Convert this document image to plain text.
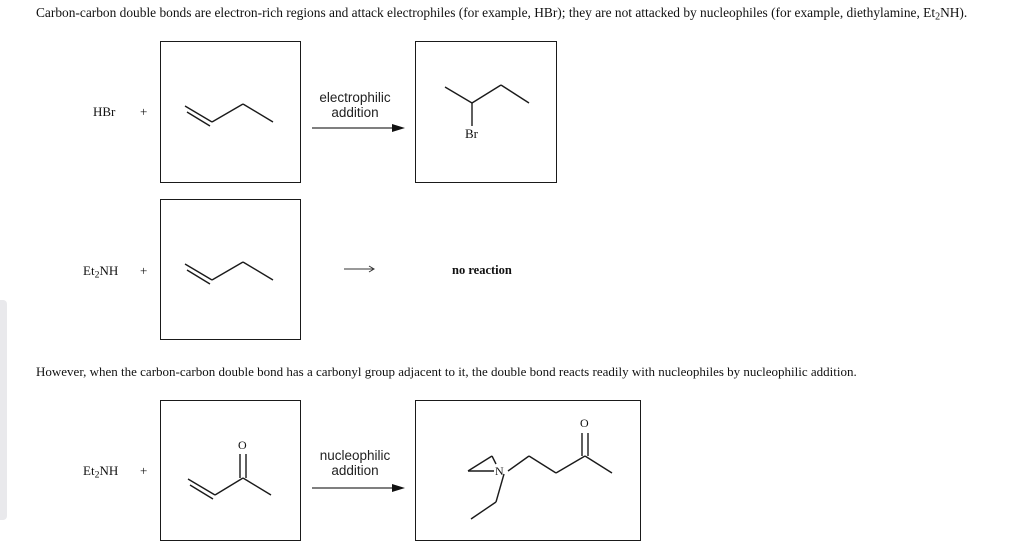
Carbon-carbon double bonds are electron-rich regions and attack electrophiles (for example, HBr); they are not attacked by nucleophiles (for example, diethylamine, $Et_2NH$).
HBr +
electrophilic
addition
Br
$Et_2NH$ +	no reaction
However, when the carbon-carbon double bond has a carbonyl group adjacent to it, the double bond reacts readily with nucleophiles by nucleophilic addition.
$Et_2NH$ +
O
nucleophilic
addition	N
O
